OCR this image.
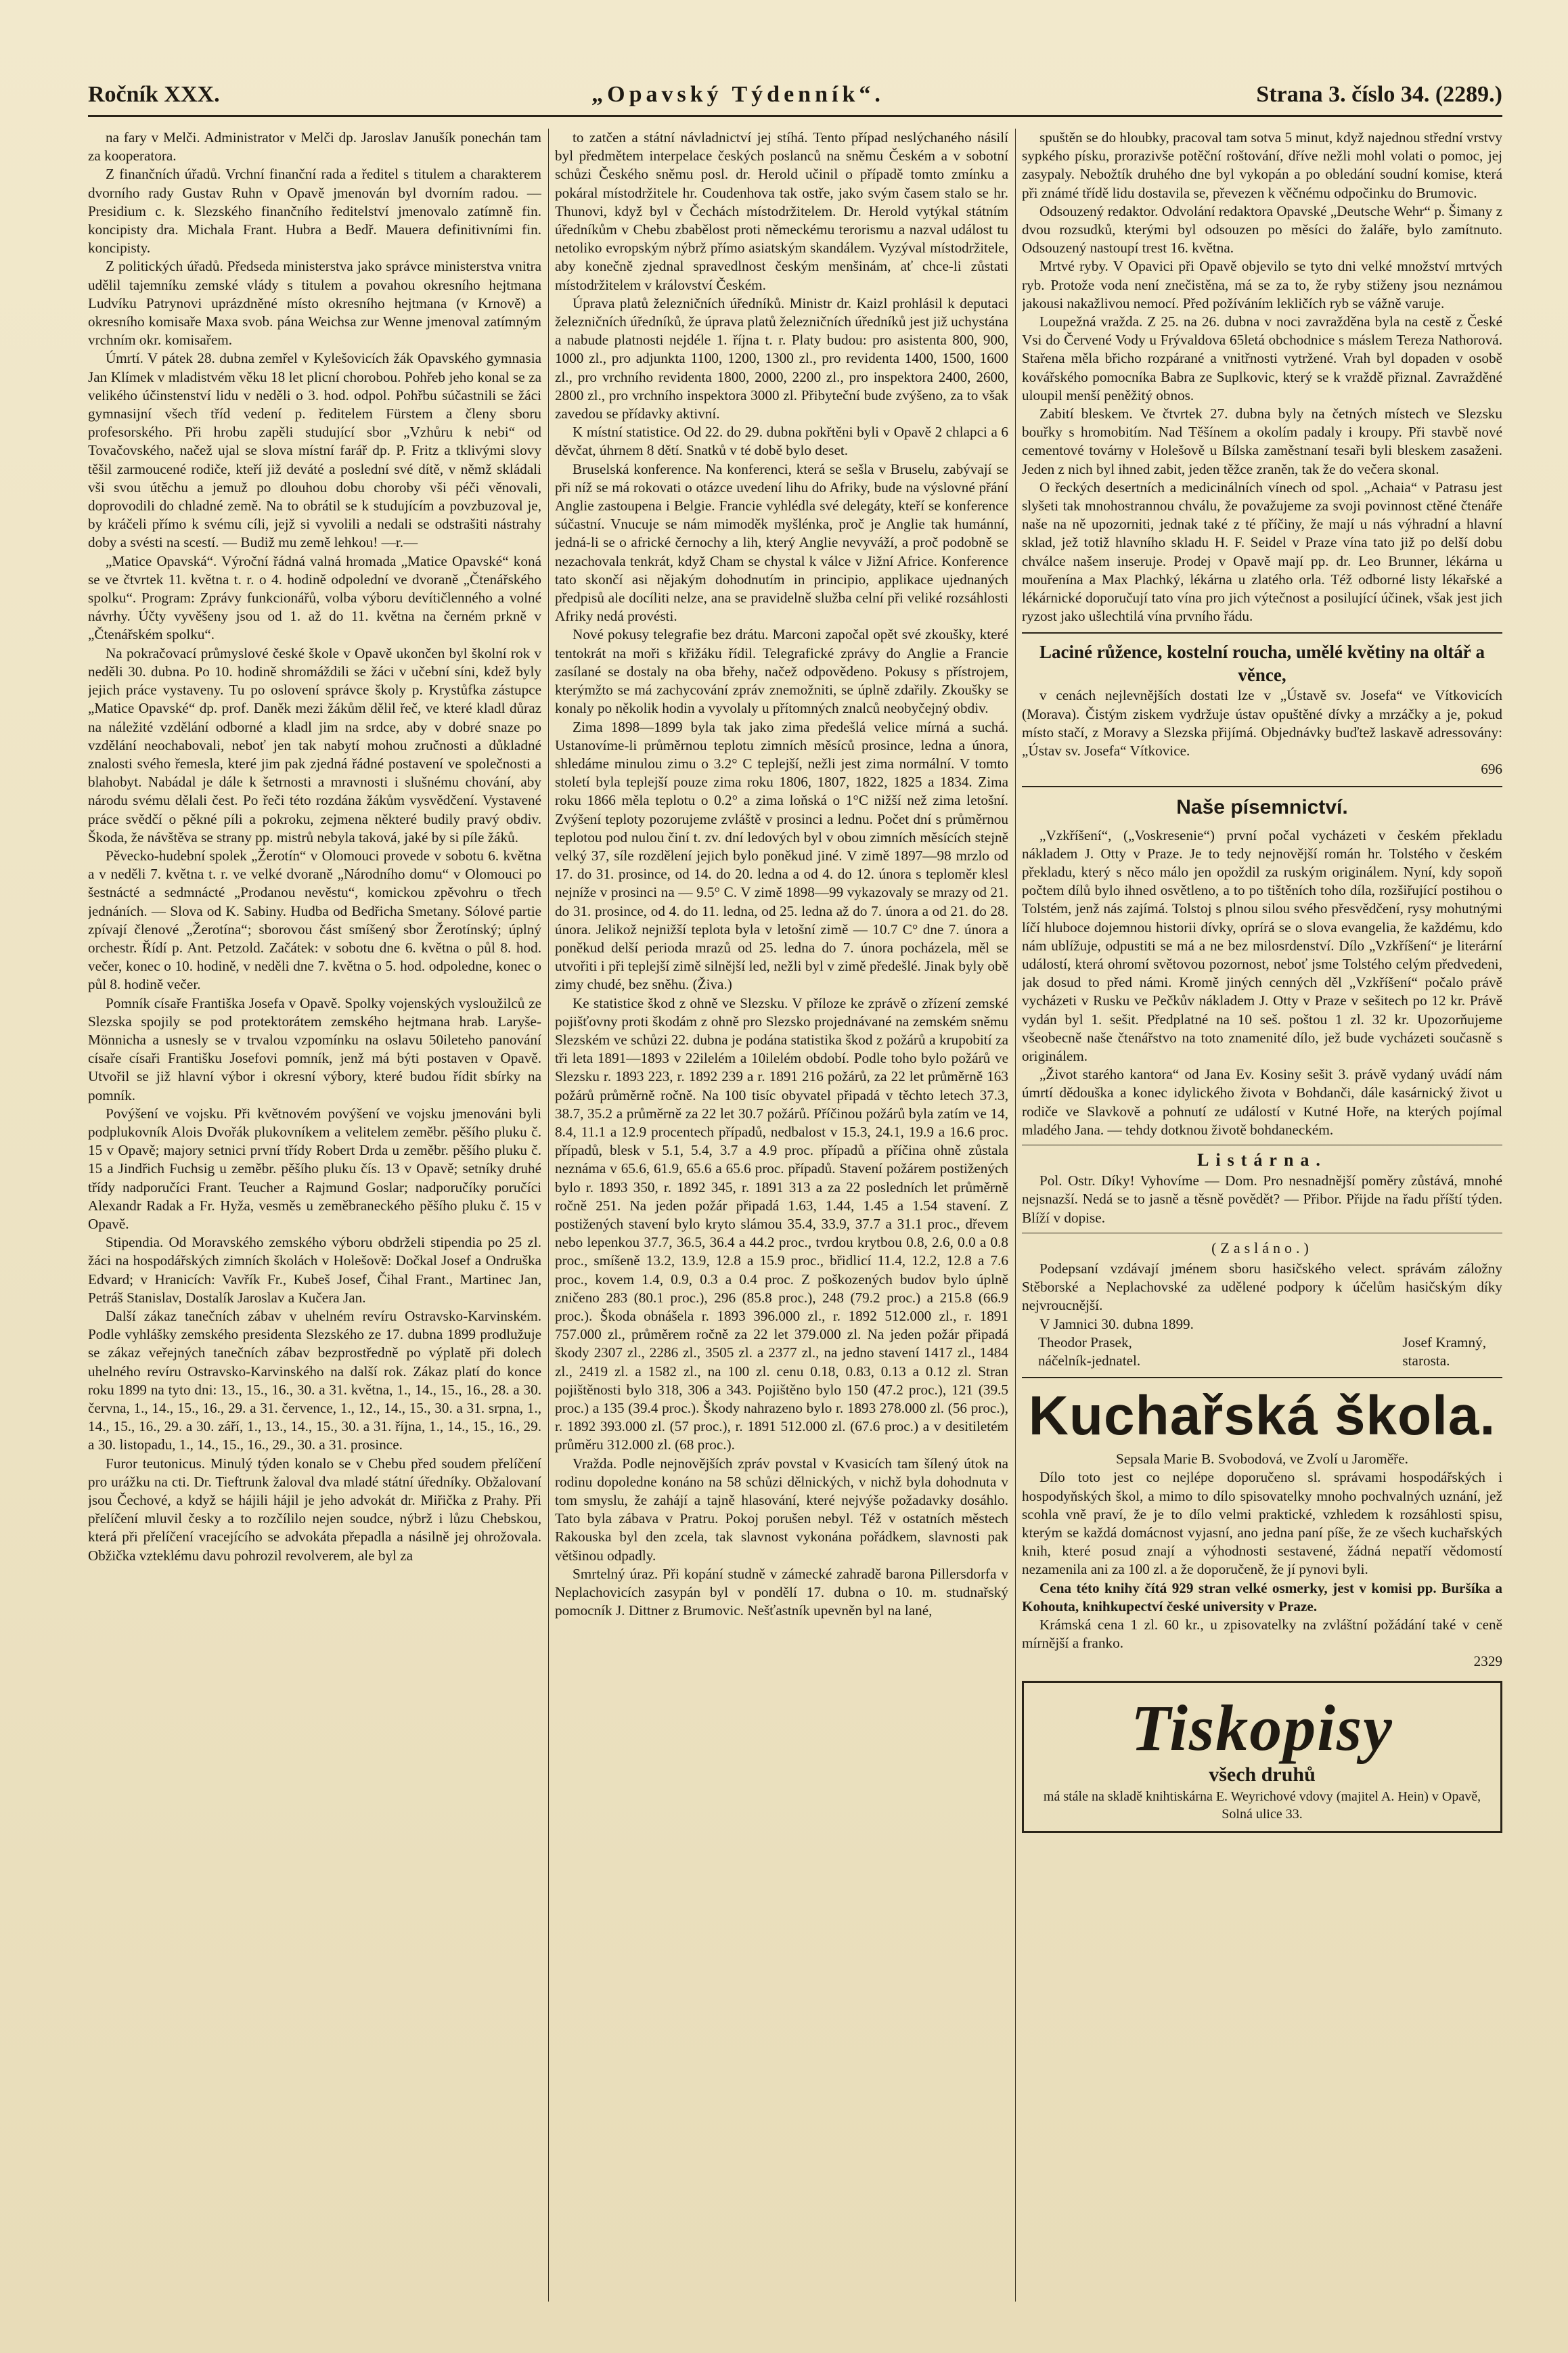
Ročník XXX.	„Opavský Týdenník“.	Strana 3. číslo 34. (2289.)

na fary v Melči. Administrator v Melči dp. Jaroslav Janušík ponechán tam za kooperatora.

Z finančních úřadů. Vrchní finanční rada a ředitel s titulem a charakterem dvorního rady Gustav Ruhn v Opavě jmenován byl dvorním radou. — Presidium c. k. Slezského finančního ředitelství jmenovalo zatímně fin. koncipisty dra. Michala Frant. Hubra a Bedř. Mauera definitivními fin. koncipisty.

Z politických úřadů. Předseda ministerstva jako správce ministerstva vnitra udělil tajemníku zemské vlády s titulem a povahou okresního hejtmana Ludvíku Patrynovi uprázdněné místo okresního hejtmana (v Krnově) a okresního komisaře Maxa svob. pána Weichsa zur Wenne jmenoval zatímným vrchním okr. komisařem.

Úmrtí. V pátek 28. dubna zemřel v Kylešovicích žák Opavského gymnasia Jan Klímek v mladistvém věku 18 let plicní chorobou. Pohřeb jeho konal se za velikého účinstenství lidu v neděli o 3. hod. odpol. Pohřbu súčastnili se žáci gymnasijní všech tříd vedení p. ředitelem Fürstem a členy sboru profesorského. Při hrobu zapěli studující sbor „Vzhůru k nebi“ od Tovačovského, načež ujal se slova místní farář dp. P. Fritz a tklivými slovy těšil zarmoucené rodiče, kteří již deváté a poslední své dítě, v němž skládali vši svou útěchu a jemuž po dlouhou dobu choroby vši péči věnovali, doprovodili do chladné země. Na to obrátil se k studujícím a povzbuzoval je, by kráčeli přímo k svému cíli, jejž si vyvolili a nedali se odstrašiti nástrahy doby a svésti na scestí. — Budiž mu země lehkou! —r.—

„Matice Opavská“. Výroční řádná valná hromada „Matice Opavské“ koná se ve čtvrtek 11. května t. r. o 4. hodině odpolední ve dvoraně „Čtenářského spolku“. Program: Zprávy funkcionářů, volba výboru devítičlenného a volné návrhy. Účty vyvěšeny jsou od 1. až do 11. května na černém prkně v „Čtenářském spolku“.

Na pokračovací průmyslové české škole v Opavě ukončen byl školní rok v neděli 30. dubna. Po 10. hodině shromáždili se žáci v učební síni, kdež byly jejich práce vystaveny. Tu po oslovení správce školy p. Krystůfka zástupce „Matice Opavské“ dp. prof. Daněk mezi žákům dělil řeč, ve které kladl důraz na náležité vzdělání odborné a kladl jim na srdce, aby v dobré snaze po vzdělání neochabovali, neboť jen tak nabytí mohou zručnosti a důkladné znalosti svého řemesla, které jim pak zjedná řádné postavení ve společnosti a blahobyt. Nabádal je dále k šetrnosti a mravnosti i slušnému chování, aby národu svému dělali čest. Po řeči této rozdána žákům vysvědčení. Vystavené práce svědčí o pěkné píli a pokroku, zejmena některé budily pravý obdiv. Škoda, že návštěva se strany pp. mistrů nebyla taková, jaké by si píle žáků.

Pěvecko-hudební spolek „Žerotín“ v Olomouci provede v sobotu 6. května a v neděli 7. května t. r. ve velké dvoraně „Národního domu“ v Olomouci po šestnácté a sedmnácté „Prodanou nevěstu“, komickou zpěvohru o třech jednáních. — Slova od K. Sabiny. Hudba od Bedřicha Smetany. Sólové partie zpívají členové „Žerotína“; sborovou část smíšený sbor Žerotínský; úplný orchestr. Řídí p. Ant. Petzold. Začátek: v sobotu dne 6. května o půl 8. hod. večer, konec o 10. hodině, v neděli dne 7. května o 5. hod. odpoledne, konec o půl 8. hodině večer.

Pomník císaře Františka Josefa v Opavě. Spolky vojenských vysloužilců ze Slezska spojily se pod protektorátem zemského hejtmana hrab. Laryše-Mönnicha a usnesly se v trvalou vzpomínku na oslavu 50ileteho panování císaře císaři Františku Josefovi pomník, jenž má býti postaven v Opavě. Utvořil se již hlavní výbor i okresní výbory, které budou řídit sbírky na pomník.

Povýšení ve vojsku. Při květnovém povýšení ve vojsku jmenováni byli podplukovník Alois Dvořák plukovníkem a velitelem zeměbr. pěšího pluku č. 15 v Opavě; majory setnici první třídy Robert Drda u zeměbr. pěšího pluku č. 15 a Jindřich Fuchsig u zeměbr. pěšího pluku čís. 13 v Opavě; setníky druhé třídy nadporučíci Frant. Teucher a Rajmund Goslar; nadporučíky poručíci Alexandr Radak a Fr. Hyža, vesměs u zeměbraneckého pěšího pluku č. 15 v Opavě.

Stipendia. Od Moravského zemského výboru obdrželi stipendia po 25 zl. žáci na hospodářských zimních školách v Holešově: Dočkal Josef a Ondruška Edvard; v Hranicích: Vavřík Fr., Kubeš Josef, Čihal Frant., Martinec Jan, Petráš Stanislav, Dostalík Jaroslav a Kučera Jan.

Další zákaz tanečních zábav v uhelném revíru Ostravsko-Karvinském. Podle vyhlášky zemského presidenta Slezského ze 17. dubna 1899 prodlužuje se zákaz veřejných tanečních zábav bezprostředně po výplatě při dolech uhelného revíru Ostravsko-Karvinského na další rok. Zákaz platí do konce roku 1899 na tyto dni: 13., 15., 16., 30. a 31. května, 1., 14., 15., 16., 28. a 30. června, 1., 14., 15., 16., 29. a 31. července, 1., 12., 14., 15., 30. a 31. srpna, 1., 14., 15., 16., 29. a 30. září, 1., 13., 14., 15., 30. a 31. října, 1., 14., 15., 16., 29. a 30. listopadu, 1., 14., 15., 16., 29., 30. a 31. prosince.

Furor teutonicus. Minulý týden konalo se v Chebu před soudem přelíčení pro urážku na cti. Dr. Tieftrunk žaloval dva mladé státní úředníky. Obžalovaní jsou Čechové, a když se hájili hájil je jeho advokát dr. Miřička z Prahy. Při přelíčení mluvil česky a to rozčílilo nejen soudce, nýbrž i lůzu Chebskou, která při přelíčení vracejícího se advokáta přepadla a násilně jej ohrožovala. Obžička vzteklému davu pohrozil revolverem, ale byl za

to zatčen a státní návladnictví jej stíhá. Tento případ neslýchaného násilí byl předmětem interpelace českých poslanců na sněmu Českém a v sobotní schůzi Českého sněmu posl. dr. Herold učinil o případě tomto zmínku a pokáral místodržitele hr. Coudenhova tak ostře, jako svým časem stalo se hr. Thunovi, když byl v Čechách místodržitelem. Dr. Herold vytýkal státním úředníkům v Chebu zbabělost proti německému terorismu a nazval událost tu netoliko evropským nýbrž přímo asiatským skandálem. Vyzýval místodržitele, aby konečně zjednal spravedlnost českým menšinám, ať chce-li zůstati místodržitelem v království Českém.

Úprava platů železničních úředníků. Ministr dr. Kaizl prohlásil k deputaci železničních úředníků, že úprava platů železničních úředníků jest již uchystána a nabude platnosti nejdéle 1. října t. r. Platy budou: pro asistenta 800, 900, 1000 zl., pro adjunkta 1100, 1200, 1300 zl., pro revidenta 1400, 1500, 1600 zl., pro vrchního revidenta 1800, 2000, 2200 zl., pro inspektora 2400, 2600, 2800 zl., pro vrchního inspektora 3000 zl. Přibyteční bude zvýšeno, za to však zavedou se přídavky aktivní.

K místní statistice. Od 22. do 29. dubna pokřtěni byli v Opavě 2 chlapci a 6 děvčat, úhrnem 8 dětí. Snatků v té době bylo deset.

Bruselská konference. Na konferenci, která se sešla v Bruselu, zabývají se při níž se má rokovati o otázce uvedení lihu do Afriky, bude na výslovné přání Anglie zastoupena i Belgie. Francie vyhlédla své delegáty, kteří se konference súčastní. Vnucuje se nám mimoděk myšlénka, proč je Anglie tak humánní, jedná-li se o africké černochy a lih, který Anglie nevyváží, a proč podobně se nezachovala tenkrát, když Cham se chystal k válce v Jižní Africe. Konference tato skončí asi nějakým dohodnutím in principio, applikace ujednaných předpisů ale docíliti nelze, ana se pravidelně služba celní při veliké rozsáhlosti Afriky nedá provésti.

Nové pokusy telegrafie bez drátu. Marconi započal opět své zkoušky, které tentokrát na moři s křižáku řídil. Telegrafické zprávy do Anglie a Francie zasílané se dostaly na oba břehy, načež odpovědeno. Pokusy s přístrojem, kterýmžto se má zachycování zpráv znemožniti, se úplně zdařily. Zkoušky se konaly po několik hodin a vyvolaly u přítomných znalců neobyčejný obdiv.

Zima 1898—1899 byla tak jako zima předešlá velice mírná a suchá. Ustanovíme-li průměrnou teplotu zimních měsíců prosince, ledna a února, shledáme minulou zimu o 3.2° C teplejší, nežli jest zima normální. V tomto století byla teplejší pouze zima roku 1806, 1807, 1822, 1825 a 1834. Zima roku 1866 měla teplotu o 0.2° a zima loňská o 1°C nižší než zima letošní. Zvýšení teploty pozorujeme zvláště v prosinci a lednu. Počet dní s průměrnou teplotou pod nulou činí t. zv. dní ledových byl v obou zimních měsících stejně velký 37, síle rozdělení jejich bylo poněkud jiné. V zimě 1897—98 mrzlo od 17. do 31. prosince, od 14. do 20. ledna a od 4. do 12. února s teploměr klesl nejníže v prosinci na — 9.5° C. V zimě 1898—99 vykazovaly se mrazy od 21. do 31. prosince, od 4. do 11. ledna, od 25. ledna až do 7. února a od 21. do 28. února. Jelikož nejnižší teplota byla v letošní zimě — 10.7 C° dne 7. února a poněkud delší perioda mrazů od 25. ledna do 7. února pocházela, měl se utvořiti i při teplejší zimě silnější led, nežli byl v zimě předešlé. Jinak byly obě zimy chudé, bez sněhu. (Živa.)

Ke statistice škod z ohně ve Slezsku. V příloze ke zprávě o zřízení zemské pojišťovny proti škodám z ohně pro Slezsko projednávané na zemském sněmu Slezském ve schůzi 22. dubna je podána statistika škod z požárů a krupobití za tři leta 1891—1893 v 22ilelém a 10ilelém období. Podle toho bylo požárů ve Slezsku r. 1893 223, r. 1892 239 a r. 1891 216 požárů, za 22 let průměrně 163 požárů průměrně ročně. Na 100 tisíc obyvatel připadá v těchto letech 37.3, 38.7, 35.2 a průměrně za 22 let 30.7 požárů. Příčinou požárů byla zatím ve 14, 8.4, 11.1 a 12.9 procentech případů, nedbalost v 15.3, 24.1, 19.9 a 16.6 proc. případů, blesk v 5.1, 5.4, 3.7 a 4.9 proc. případů a příčina ohně zůstala neznáma v 65.6, 61.9, 65.6 a 65.6 proc. případů. Stavení požárem postižených bylo r. 1893 350, r. 1892 345, r. 1891 313 a za 22 posledních let průměrně ročně 251. Na jeden požár připadá 1.63, 1.44, 1.45 a 1.54 stavení. Z postižených stavení bylo kryto slámou 35.4, 33.9, 37.7 a 31.1 proc., dřevem nebo lepenkou 37.7, 36.5, 36.4 a 44.2 proc., tvrdou krytbou 0.8, 2.6, 0.0 a 0.8 proc., smíšeně 13.2, 13.9, 12.8 a 15.9 proc., břidlicí 11.4, 12.2, 12.8 a 7.6 proc., kovem 1.4, 0.9, 0.3 a 0.4 proc. Z poškozených budov bylo úplně zničeno 283 (80.1 proc.), 296 (85.8 proc.), 248 (79.2 proc.) a 215.8 (66.9 proc.). Škoda obnášela r. 1893 396.000 zl., r. 1892 512.000 zl., r. 1891 757.000 zl., průměrem ročně za 22 let 379.000 zl. Na jeden požár připadá škody 2307 zl., 2286 zl., 3505 zl. a 2377 zl., na jedno stavení 1417 zl., 1484 zl., 2419 zl. a 1582 zl., na 100 zl. cenu 0.18, 0.83, 0.13 a 0.12 zl. Stran pojištěnosti bylo 318, 306 a 343. Pojištěno bylo 150 (47.2 proc.), 121 (39.5 proc.) a 135 (39.4 proc.). Škody nahrazeno bylo r. 1893 278.000 zl. (56 proc.), r. 1892 393.000 zl. (57 proc.), r. 1891 512.000 zl. (67.6 proc.) a v desitiletém průměru 312.000 zl. (68 proc.).

Vražda. Podle nejnovějších zpráv povstal v Kvasicích tam šílený útok na rodinu dopoledne konáno na 58 schůzi dělnických, v nichž byla dohodnuta v tom smyslu, že zahájí a tajně hlasování, které nejvýše požadavky dosáhlo. Tato byla zábava v Pratru. Pokoj porušen nebyl. Též v ostatních městech Rakouska byl den zcela, tak slavnost vykonána pořádkem, slavnosti pak většinou odpadly.

Smrtelný úraz. Při kopání studně v zámecké zahradě barona Pillersdorfa v Neplachovicích zasypán byl v pondělí 17. dubna o 10. m. studnařský pomocník J. Dittner z Brumovic. Nešťastník upevněn byl na lané,

spuštěn se do hloubky, pracoval tam sotva 5 minut, když najednou střední vrstvy sypkého písku, prorazivše potěční roštování, dříve nežli mohl volati o pomoc, jej zasypaly. Nebožtík druhého dne byl vykopán a po obledání soudní komise, která při známé třídě lidu dostavila se, převezen k věčnému odpočinku do Brumovic.

Odsouzený redaktor. Odvolání redaktora Opavské „Deutsche Wehr“ p. Šimany z dvou rozsudků, kterými byl odsouzen po měsíci do žaláře, bylo zamítnuto. Odsouzený nastoupí trest 16. května.

Mrtvé ryby. V Opavici při Opavě objevilo se tyto dni velké množství mrtvých ryb. Protože voda není znečistěna, má se za to, že ryby stiženy jsou neznámou jakousi nakažlivou nemocí. Před požíváním lekličích ryb se vážně varuje.

Loupežná vražda. Z 25. na 26. dubna v noci zavražděna byla na cestě z České Vsi do Červené Vody u Frývaldova 65letá obchodnice s máslem Tereza Nathorová. Stařena měla břicho rozpárané a vnitřnosti vytržené. Vrah byl dopaden v osobě kovářského pomocníka Babra ze Suplkovic, který se k vraždě přiznal. Zavražděné uloupil menší peněžitý obnos.

Zabití bleskem. Ve čtvrtek 27. dubna byly na četných místech ve Slezsku bouřky s hromobitím. Nad Těšínem a okolím padaly i kroupy. Při stavbě nové cementové továrny v Holešově u Bílska zaměstnaní tesaři byli bleskem zasaženi. Jeden z nich byl ihned zabit, jeden těžce zraněn, tak že do večera skonal.

O řeckých desertních a medicinálních vínech od spol. „Achaia“ v Patrasu jest slyšeti tak mnohostrannou chválu, že považujeme za svoji povinnost ctěné čtenáře naše na ně upozorniti, jednak také z té příčiny, že mají u nás výhradní a hlavní sklad, jež totiž hlavního skladu H. F. Seidel v Praze vína tato již po delší dobu chválce našem inseruje. Prodej v Opavě mají pp. dr. Leo Brunner, lékárna u mouřenína a Max Plachký, lékárna u zlatého orla. Též odborné listy lékařské a lékárnické doporučují tato vína pro jich výtečnost a posilující účinek, však jest jich ryzost jako ušlechtilá vína prvního řádu.

Laciné růžence, kostelní roucha, umělé květiny na oltář a věnce,

v cenách nejlevnějších dostati lze v „Ústavě sv. Josefa“ ve Vítkovicích (Morava). Čistým ziskem vydržuje ústav opuštěné dívky a mrzáčky a je, pokud místo stačí, z Moravy a Slezska přijímá. Objednávky buďtež laskavě adressovány: „Ústav sv. Josefa“ Vítkovice.

696

Naše písemnictví.

„Vzkříšení“, („Voskresenie“) první počal vycházeti v českém překladu nákladem J. Otty v Praze. Je to tedy nejnovější román hr. Tolstého v českém překladu, který s něco málo jen opoždil za ruským originálem. Nyní, kdy sopoň počtem dílů bylo ihned osvětleno, a to po tištěních toho díla, rozšiřující postihou o Tolstém, jenž nás zajímá. Tolstoj s plnou silou svého přesvědčení, rysy mohutnými líčí hluboce dojemnou historii dívky, oprírá se o slova evangelia, že každému, kdo nám ublížuje, odpustiti se má a ne bez milosrdenství. Dílo „Vzkříšení“ je literární událostí, která ohromí světovou pozornost, neboť jsme Tolstého celým předvedeni, jak dosud to před námi. Kromě jiných cenných děl „Vzkříšení“ počalo právě vycházeti v Rusku ve Pečkův nákladem J. Otty v Praze v sešitech po 12 kr. Právě vydán byl 1. sešit. Předplatné na 10 seš. poštou 1 zl. 32 kr. Upozorňujeme všeobecně naše čtenářstvo na toto znamenité dílo, jež bude vycházeti současně s originálem.

„Život starého kantora“ od Jana Ev. Kosiny sešit 3. právě vydaný uvádí nám úmrtí dědouška a konec idylického života v Bohdanči, dále kasárnický život u rodiče ve Slavkově a pohnutí ze událostí v Kutné Hoře, na kterých pojímal mladého Jana. — tehdy dotknou životě bohdaneckém.

Listárna.

Pol. Ostr. Díky! Vyhovíme — Dom. Pro nesnadnější poměry zůstává, mnohé nejsnazší. Nedá se to jasně a těsně povědět? — Přibor. Přijde na řadu příští týden. Blíží v dopise.

(Zasláno.)

Podepsaní vzdávají jménem sboru hasičského velect. správám záložny Stěborské a Neplachovské za udělené podpory k účelům hasičským díky nejvroucnější.

V Jamnici 30. dubna 1899.

Theodor Prasek,
náčelník-jednatel.
Josef Kramný,
starosta.
Kuchařská škola.

Sepsala Marie B. Svobodová, ve Zvolí u Jaroměře.

Dílo toto jest co nejlépe doporučeno sl. správami hospodářských i hospodyňských škol, a mimo to dílo spisovatelky mnoho pochvalných uznání, jež scohla vně praví, že je to dílo velmi praktické, vzhledem k rozsáhlosti spisu, kterým se každá domácnost vyjasní, ano jedna paní píše, že ze všech kuchařských knih, které posud znají a výhodnosti sestavené, žádná nepatří vědomostí nezamenila ani za 100 zl. a že doporučeně, že jí pynovi byli.

Cena této knihy čítá 929 stran velké osmerky, jest v komisi pp. Buršíka a Kohouta, knihkupectví české university v Praze.

Krámská cena 1 zl. 60 kr., u zpisovatelky na zvláštní požádání také v ceně mírnější a franko.

2329

Tiskopisy
všech druhů
má stále na skladě knihtiskárna E. Weyrichové vdovy (majitel A. Hein) v Opavě, Solná ulice 33.
